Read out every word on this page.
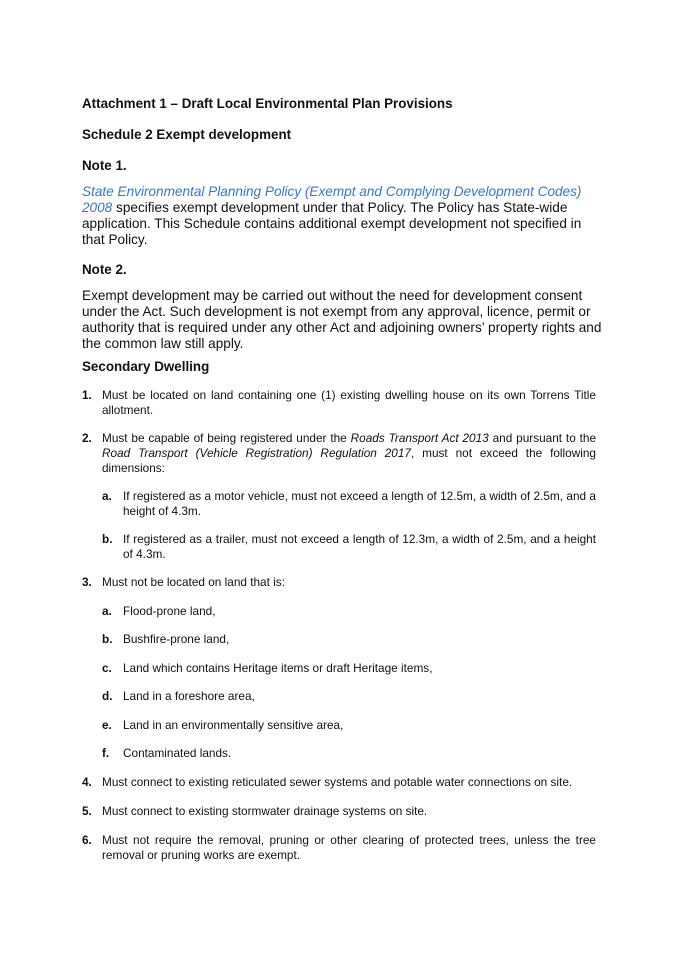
Attachment 1 – Draft Local Environmental Plan Provisions
Schedule 2 Exempt development
Note 1.
State Environmental Planning Policy (Exempt and Complying Development Codes) 2008 specifies exempt development under that Policy. The Policy has State-wide application. This Schedule contains additional exempt development not specified in that Policy.
Note 2.
Exempt development may be carried out without the need for development consent under the Act. Such development is not exempt from any approval, licence, permit or authority that is required under any other Act and adjoining owners’ property rights and the common law still apply.
Secondary Dwelling
1. Must be located on land containing one (1) existing dwelling house on its own Torrens Title allotment.
2. Must be capable of being registered under the Roads Transport Act 2013 and pursuant to the Road Transport (Vehicle Registration) Regulation 2017, must not exceed the following dimensions:
a. If registered as a motor vehicle, must not exceed a length of 12.5m, a width of 2.5m, and a height of 4.3m.
b. If registered as a trailer, must not exceed a length of 12.3m, a width of 2.5m, and a height of 4.3m.
3. Must not be located on land that is:
a. Flood-prone land,
b. Bushfire-prone land,
c. Land which contains Heritage items or draft Heritage items,
d. Land in a foreshore area,
e. Land in an environmentally sensitive area,
f. Contaminated lands.
4. Must connect to existing reticulated sewer systems and potable water connections on site.
5. Must connect to existing stormwater drainage systems on site.
6. Must not require the removal, pruning or other clearing of protected trees, unless the tree removal or pruning works are exempt.
